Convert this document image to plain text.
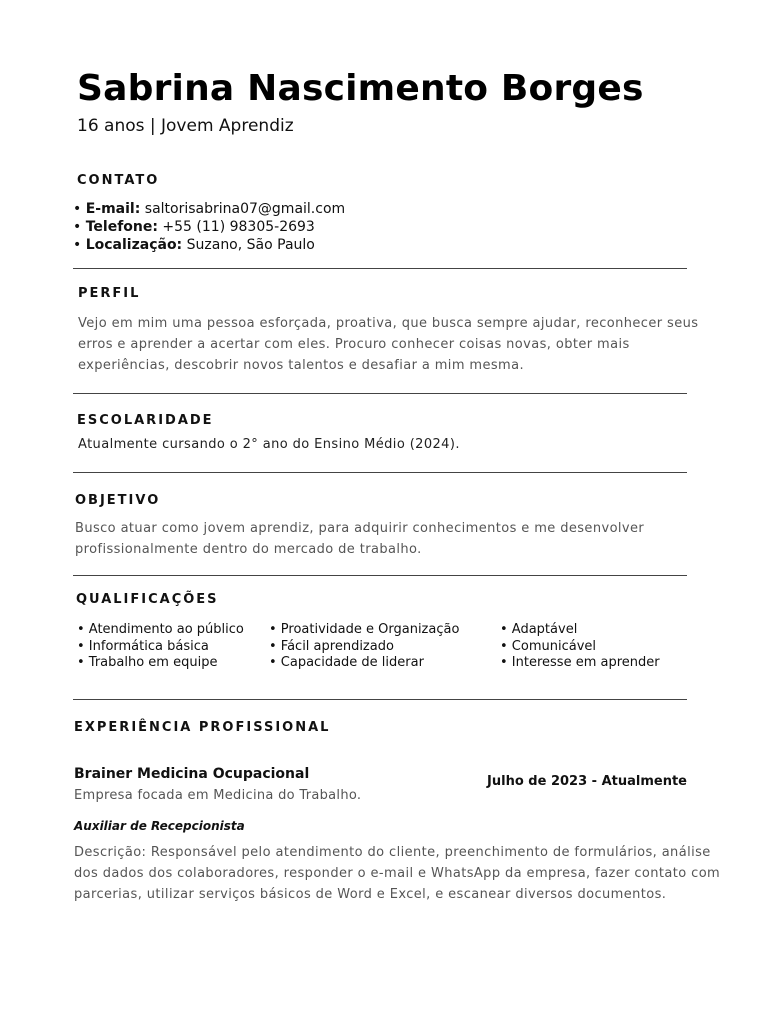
Sabrina Nascimento Borges
16 anos | Jovem Aprendiz
CONTATO
• E-mail: saltorisabrina07@gmail.com
• Telefone: +55 (11) 98305-2693
• Localização: Suzano, São Paulo
PERFIL
Vejo em mim uma pessoa esforçada, proativa, que busca sempre ajudar, reconhecer seus
erros e aprender a acertar com eles. Procuro conhecer coisas novas, obter mais
experiências, descobrir novos talentos e desafiar a mim mesma.
ESCOLARIDADE
Atualmente cursando o 2° ano do Ensino Médio (2024).
OBJETIVO
Busco atuar como jovem aprendiz, para adquirir conhecimentos e me desenvolver
profissionalmente dentro do mercado de trabalho.
QUALIFICAÇÕES
• Atendimento ao público
• Informática básica
• Trabalho em equipe
• Proatividade e Organização
• Fácil aprendizado
• Capacidade de liderar
• Adaptável
• Comunicável
• Interesse em aprender
EXPERIÊNCIA PROFISSIONAL
Brainer Medicina Ocupacional	Julho de 2023 - Atualmente
Empresa focada em Medicina do Trabalho.
Auxiliar de Recepcionista
Descrição: Responsável pelo atendimento do cliente, preenchimento de formulários, análise
dos dados dos colaboradores, responder o e-mail e WhatsApp da empresa, fazer contato com
parcerias, utilizar serviços básicos de Word e Excel, e escanear diversos documentos.
